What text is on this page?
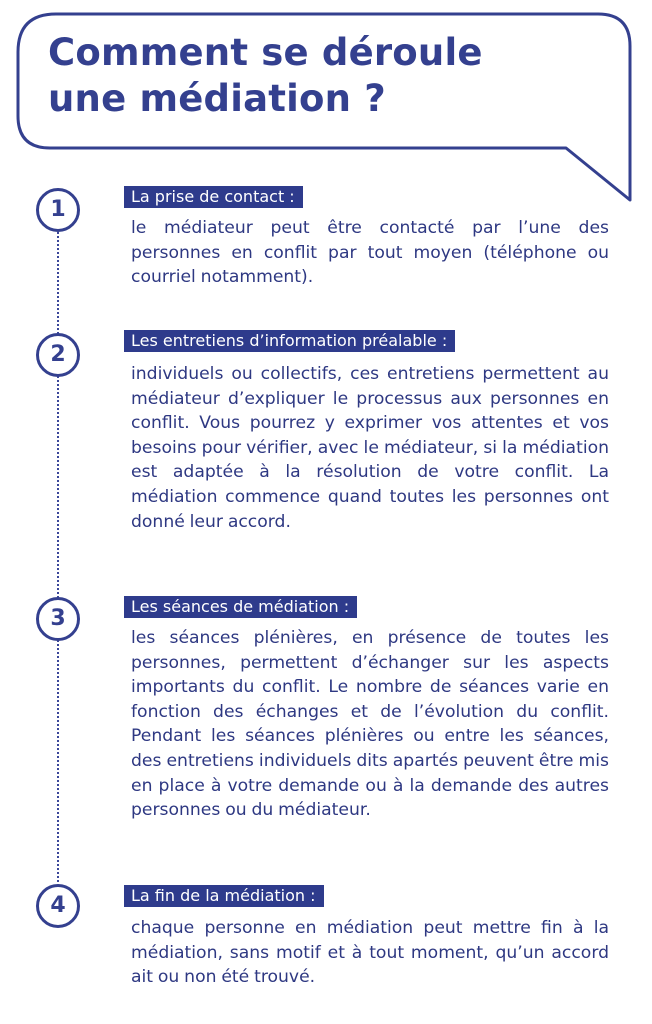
Comment se déroule
une médiation ?
1
La prise de contact :

le médiateur peut être contacté par l’une des personnes en conflit par tout moyen (téléphone ou courriel notamment).

2
Les entretiens d’information préalable :

individuels ou collectifs, ces entretiens permettent au médiateur d’expliquer le processus aux personnes en conflit. Vous pourrez y exprimer vos attentes et vos besoins pour vérifier, avec le médiateur, si la médiation est adaptée à la résolution de votre conflit. La médiation commence quand toutes les personnes ont donné leur accord.

3	Les séances de médiation :

les séances plénières, en présence de toutes les personnes, permettent d’échanger sur les aspects importants du conflit. Le nombre de séances varie en fonction des échanges et de l’évolution du conflit. Pendant les séances plénières ou entre les séances, des entretiens individuels dits apartés peuvent être mis en place à votre demande ou à la demande des autres personnes ou du médiateur.

4	La fin de la médiation :

chaque personne en médiation peut mettre fin à la médiation, sans motif et à tout moment, qu’un accord ait ou non été trouvé.
